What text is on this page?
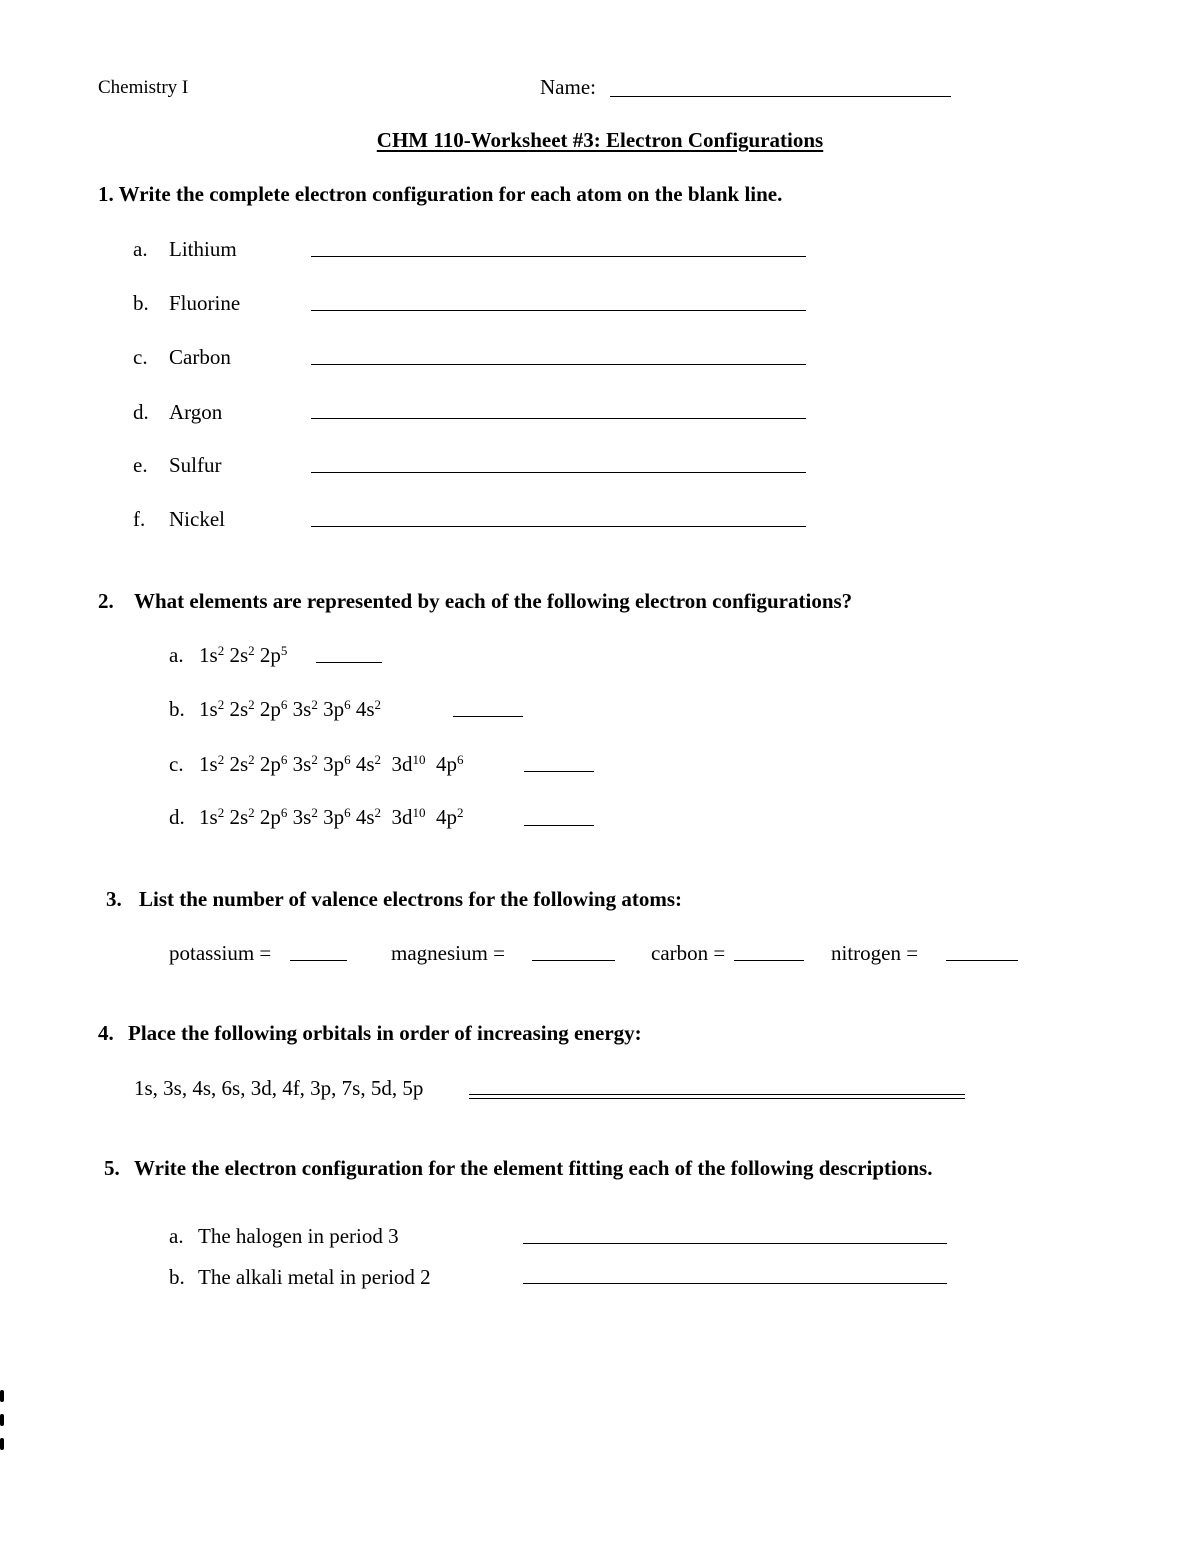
Chemistry I	Name:
CHM 110-Worksheet #3: Electron Configurations
1. Write the complete electron configuration for each atom on the blank line.
a. Lithium
b. Fluorine
c. Carbon
d. Argon
e. Sulfur
f. Nickel
2. What elements are represented by each of the following electron configurations?
a. $1s^2$ $2s^2$ $2p^5$
b. $1s^2$ $2s^2$ $2p^6$ $3s^2$ $3p^6$ $4s^2$
c. $1s^2$ $2s^2$ $2p^6$ $3s^2$ $3p^6$ $4s^2$  $3d^{10}$  $4p^6$
d. $1s^2$ $2s^2$ $2p^6$ $3s^2$ $3p^6$ $4s^2$  $3d^{10}$  $4p^2$
3. List the number of valence electrons for the following atoms:
potassium =	magnesium =	carbon =	nitrogen =
4. Place the following orbitals in order of increasing energy:
1s, 3s, 4s, 6s, 3d, 4f, 3p, 7s, 5d, 5p
5. Write the electron configuration for the element fitting each of the following descriptions.
a. The halogen in period 3
b. The alkali metal in period 2
